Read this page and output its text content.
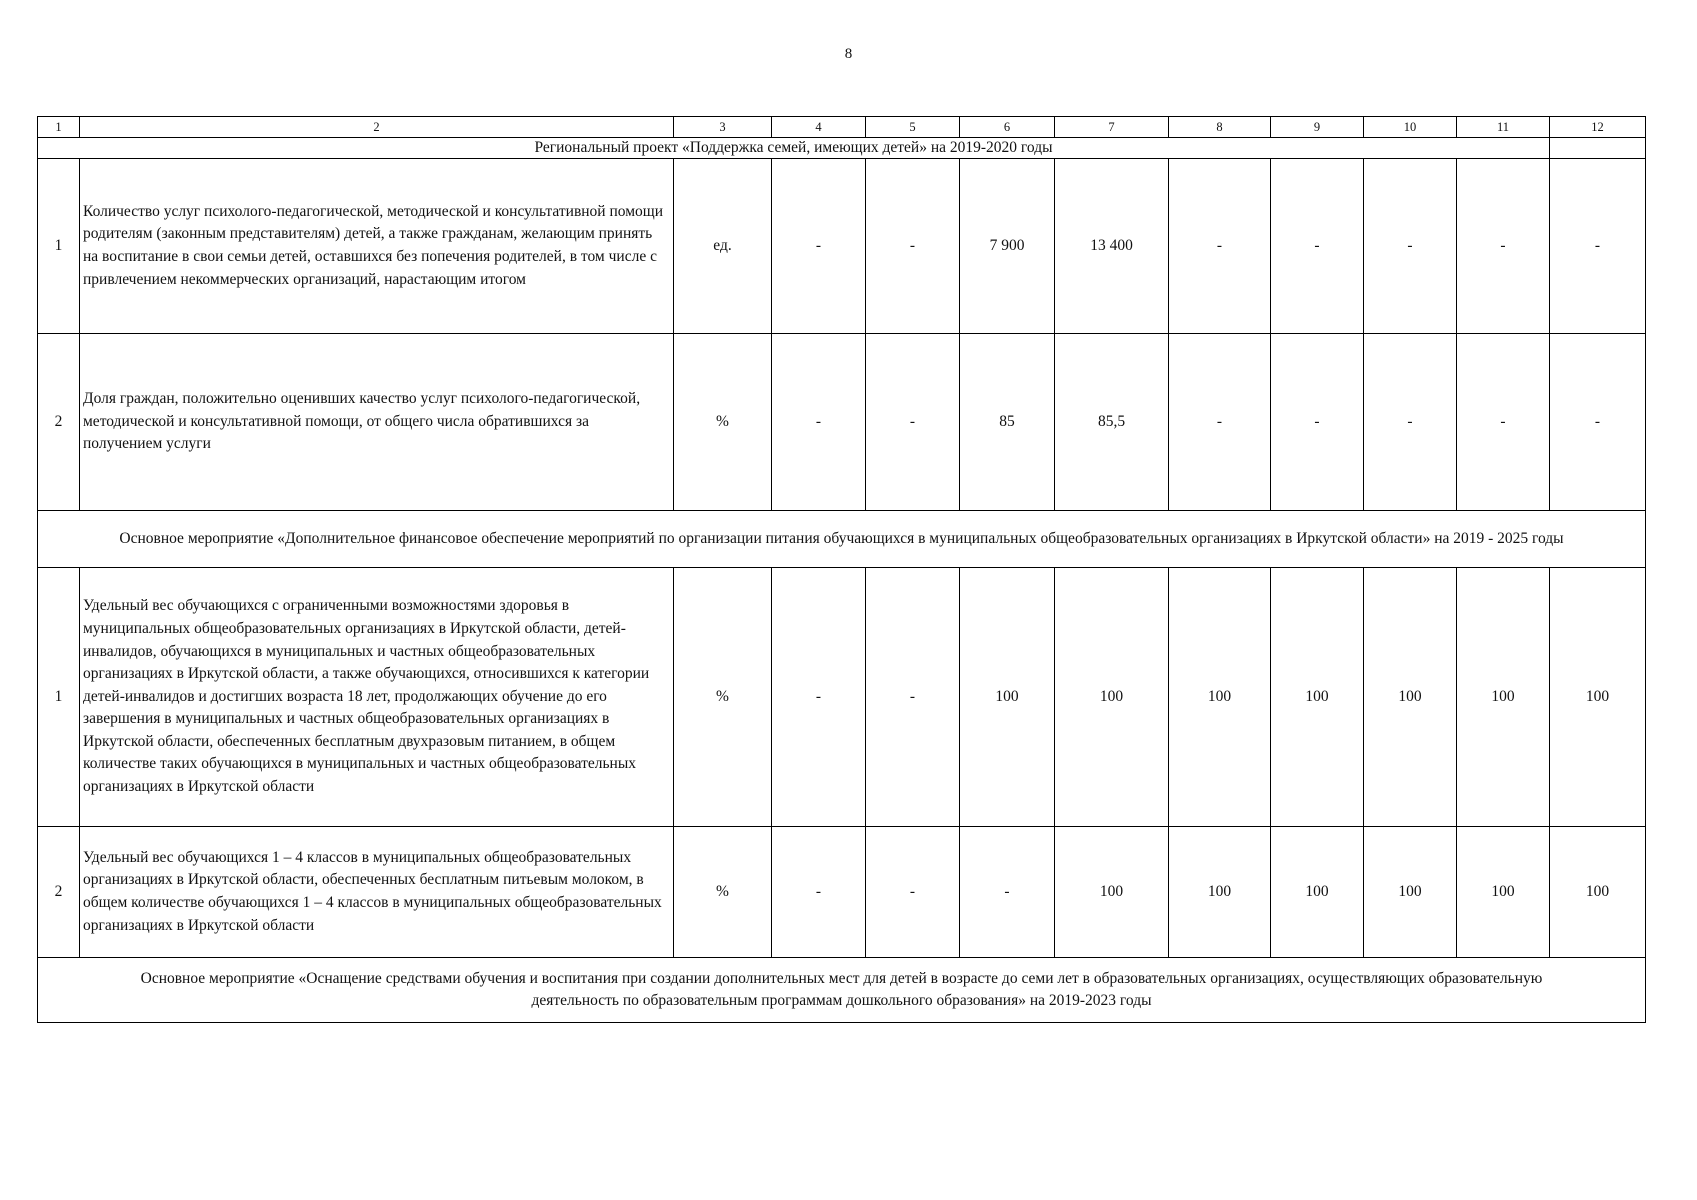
8
1	2	3	4	5	6	7	8	9	10	11	12
Региональный проект «Поддержка семей, имеющих детей» на 2019-2020 годы											
1	Количество услуг психолого-педагогической, методической и консультативной помощи родителям (законным представителям) детей, а также гражданам, желающим принять на воспитание в свои семьи детей, оставшихся без попечения родителей, в том числе с привлечением некоммерческих организаций, нарастающим итогом	ед.	-	-	7 900	13 400	-	-	-	-	-
2	Доля граждан, положительно оценивших качество услуг психолого-педагогической, методической и консультативной помощи, от общего числа обратившихся за получением услуги	%	-	-	85	85,5	-	-	-	-	-
Основное мероприятие «Дополнительное финансовое обеспечение мероприятий по организации питания обучающихся в муниципальных общеобразовательных организациях в Иркутской области» на 2019 - 2025 годы											
1	Удельный вес обучающихся с ограниченными возможностями здоровья в муниципальных общеобразовательных организациях в Иркутской области, детей-инвалидов, обучающихся в муниципальных и частных общеобразовательных организациях в Иркутской области, а также обучающихся, относившихся к категории детей-инвалидов и достигших возраста 18 лет, продолжающих обучение до его завершения в муниципальных и частных общеобразовательных организациях в Иркутской области, обеспеченных бесплатным двухразовым питанием, в общем количестве таких обучающихся в муниципальных и частных общеобразовательных организациях в Иркутской области	%	-	-	100	100	100	100	100	100	100
2	Удельный вес обучающихся 1 – 4 классов в муниципальных общеобразовательных организациях в Иркутской области, обеспеченных бесплатным питьевым молоком, в общем количестве обучающихся 1 – 4 классов в муниципальных общеобразовательных организациях в Иркутской области	%	-	-	-	100	100	100	100	100	100
Основное мероприятие «Оснащение средствами обучения и воспитания при создании дополнительных мест для детей в возрасте до семи лет в образовательных организациях, осуществляющих образовательную деятельность по образовательным программам дошкольного образования» на 2019-2023 годы											
